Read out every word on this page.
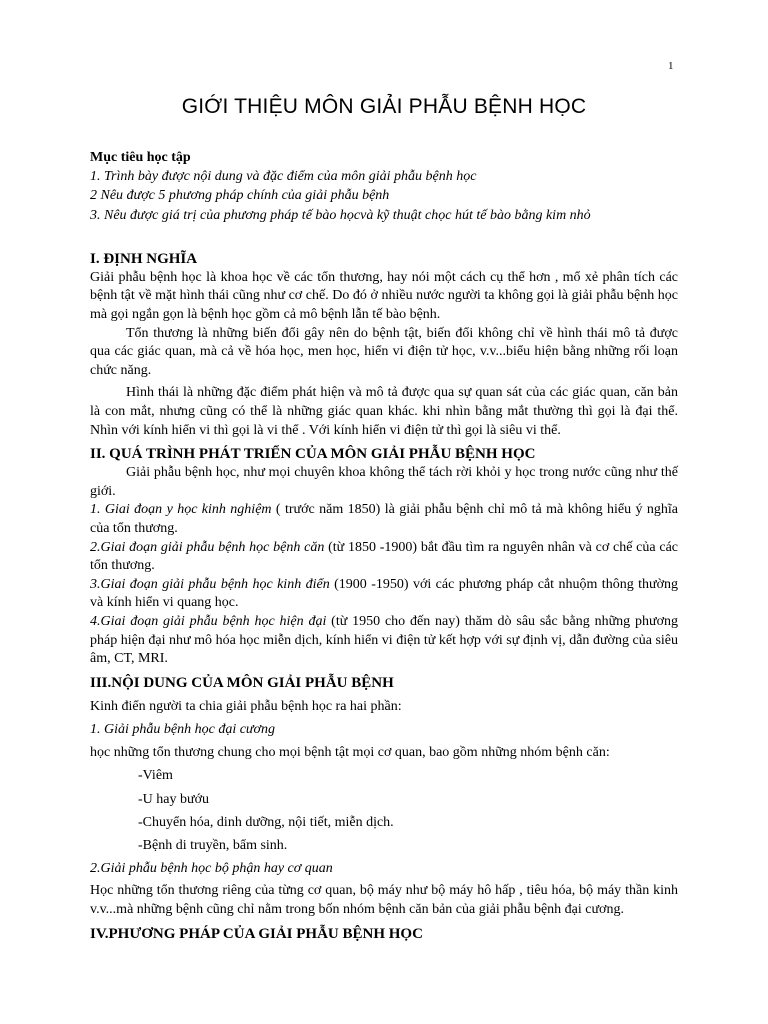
1
GIỚI THIỆU MÔN GIẢI PHẪU BỆNH HỌC

Mục tiêu học tập

1. Trình bày được nội dung và đặc điểm của môn giải phẫu bệnh học

2 Nêu được 5 phương pháp chính của giải phẫu bệnh

3. Nêu được giá trị của phương pháp tế bào họcvà kỹ thuật chọc hút tế bào bằng kim nhỏ

I. ĐỊNH NGHĨA

Giải phẫu bệnh học là khoa học về các tổn thương, hay nói một cách cụ thể hơn , mổ xẻ phân tích các bệnh tật về mặt hình thái cũng như cơ chế. Do đó ở nhiều nước người ta không gọi là giải phẫu bệnh học mà gọi ngắn gọn là bệnh học gồm cả mô bệnh lẫn tế bào bệnh.

Tổn thương là những biến đổi gây nên do bệnh tật, biến đổi không chỉ về hình thái mô tả được qua các giác quan, mà cả về hóa học, men học, hiển vi điện tử học, v.v...biểu hiện bằng những rối loạn chức năng.

Hình thái là những đặc điểm phát hiện và mô tả được qua sự quan sát của các giác quan, căn bản là con mắt, nhưng cũng có thể là những giác quan khác. khi nhìn bằng mắt thường thì gọi là đại thể. Nhìn với kính hiển vi thì gọi là vi thể . Với kính hiển vi điện tử thì gọi là siêu vi thể.

II. QUÁ TRÌNH PHÁT TRIỂN CỦA MÔN GIẢI PHẪU BỆNH HỌC

Giải phẫu bệnh học, như mọi chuyên khoa không thể tách rời khỏi y học trong nước cũng như thế giới.

1. Giai đoạn y học kinh nghiệm ( trước năm 1850) là giải phẫu bệnh chỉ mô tả mà không hiểu ý nghĩa của tổn thương.

2.Giai đoạn giải phẫu bệnh học bệnh căn (từ 1850 -1900) bắt đầu tìm ra nguyên nhân và cơ chế của các tổn thương.

3.Giai đoạn giải phẫu bệnh học kinh điển (1900 -1950) với các phương pháp cắt nhuộm thông thường và kính hiển vi quang học.

4.Giai đoạn giải phẫu bệnh học hiện đại (từ 1950 cho đến nay) thăm dò sâu sắc bằng những phương pháp hiện đại như mô hóa học miễn dịch, kính hiển vi điện tử kết hợp với sự định vị, dẫn đường của siêu âm, CT, MRI.

III.NỘI DUNG CỦA MÔN GIẢI PHẪU BỆNH

Kinh điển người ta chia giải phẫu bệnh học ra hai phần:

1. Giải phẫu bệnh học đại cương

học những tổn thương chung cho mọi bệnh tật mọi cơ quan, bao gồm những nhóm bệnh căn:

-Viêm

-U hay bướu

-Chuyển hóa, dinh dưỡng, nội tiết, miễn dịch.

-Bệnh di truyền, bẩm sinh.

2.Giải phẫu bệnh học bộ phận hay cơ quan

Học những tổn thương riêng của từng cơ quan, bộ máy như bộ máy hô hấp , tiêu hóa, bộ máy thần kinh v.v...mà những bệnh cũng chỉ nằm trong bốn nhóm bệnh căn bản của giải phẫu bệnh đại cương.

IV.PHƯƠNG PHÁP CỦA GIẢI PHẪU BỆNH HỌC
